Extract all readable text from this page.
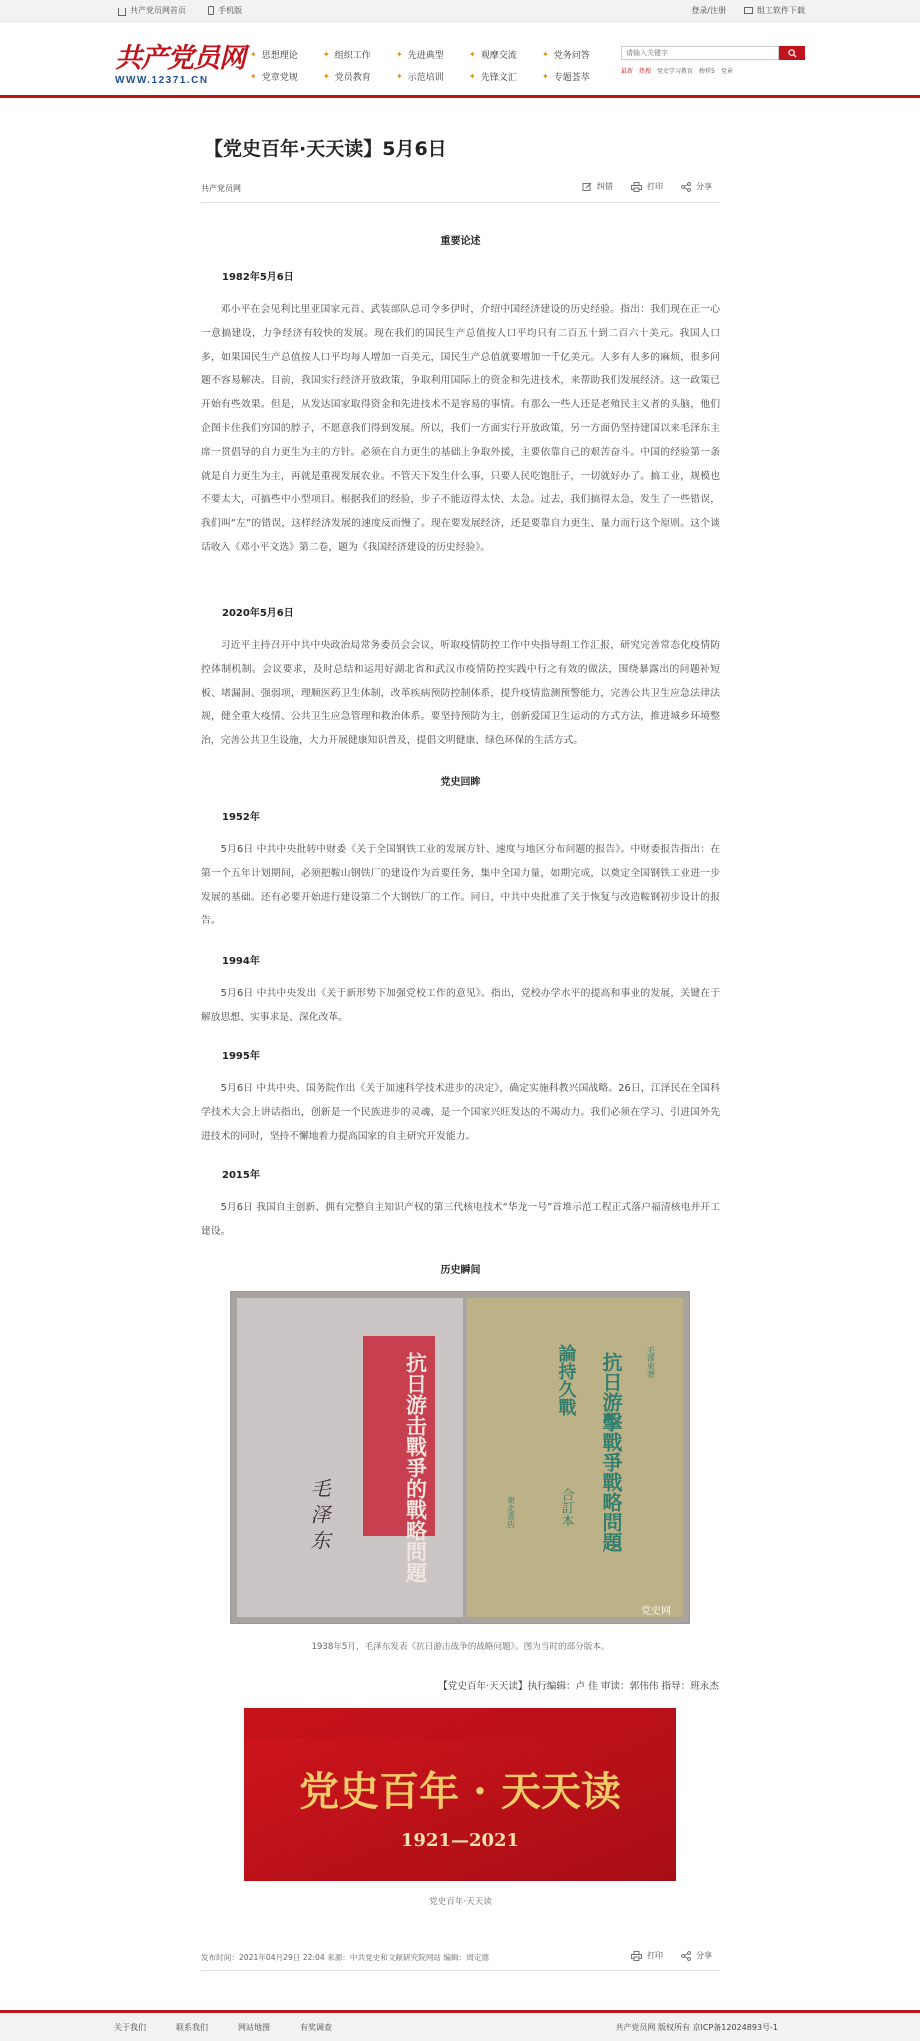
共产党员网首页	手机版	登录/注册	组工软件下载
共产党员网
WWW.12371.CN
✦ 思想理论	✦ 组织工作	✦ 先进典型	✦ 观摩交流	✦ 党务问答
✦ 党章党规	✦ 党员教育	✦ 示范培训	✦ 先锋文汇	✦ 专题荟萃
请输入关键字
最新 热搜 党史学习教育 榜样5 党章
【党史百年·天天读】5月6日
共产党员网	纠错	打印	分享
重要论述
1982年5月6日

邓小平在会见利比里亚国家元首、武装部队总司令多伊时，介绍中国经济建设的历史经验。指出：我们现在正一心一意搞建设，力争经济有较快的发展。现在我们的国民生产总值按人口平均只有二百五十到二百六十美元。我国人口多，如果国民生产总值按人口平均每人增加一百美元，国民生产总值就要增加一千亿美元。人多有人多的麻烦，很多问题不容易解决。目前，我国实行经济开放政策，争取利用国际上的资金和先进技术，来帮助我们发展经济。这一政策已开始有些效果。但是，从发达国家取得资金和先进技术不是容易的事情。有那么一些人还是老殖民主义者的头脑，他们企图卡住我们穷国的脖子，不愿意我们得到发展。所以，我们一方面实行开放政策，另一方面仍坚持建国以来毛泽东主席一贯倡导的自力更生为主的方针。必须在自力更生的基础上争取外援，主要依靠自己的艰苦奋斗。中国的经验第一条就是自力更生为主，再就是重视发展农业。不管天下发生什么事，只要人民吃饱肚子，一切就好办了。搞工业，规模也不要太大，可搞些中小型项目。根据我们的经验，步子不能迈得太快、太急。过去，我们搞得太急，发生了一些错误，我们叫“左”的错误，这样经济发展的速度反而慢了。现在要发展经济，还是要靠自力更生、量力而行这个原则。这个谈话收入《邓小平文选》第二卷，题为《我国经济建设的历史经验》。

2020年5月6日

习近平主持召开中共中央政治局常务委员会会议，听取疫情防控工作中央指导组工作汇报，研究完善常态化疫情防控体制机制。会议要求，及时总结和运用好湖北省和武汉市疫情防控实践中行之有效的做法，围绕暴露出的问题补短板、堵漏洞、强弱项，理顺医药卫生体制，改革疾病预防控制体系，提升疫情监测预警能力，完善公共卫生应急法律法规，健全重大疫情、公共卫生应急管理和救治体系。要坚持预防为主，创新爱国卫生运动的方式方法，推进城乡环境整治，完善公共卫生设施，大力开展健康知识普及，提倡文明健康、绿色环保的生活方式。

党史回眸
1952年

5月6日 中共中央批转中财委《关于全国钢铁工业的发展方针、速度与地区分布问题的报告》。中财委报告指出：在第一个五年计划期间，必须把鞍山钢铁厂的建设作为首要任务，集中全国力量，如期完成，以奠定全国钢铁工业进一步发展的基础。还有必要开始进行建设第二个大钢铁厂的工作。同日，中共中央批准了关于恢复与改造鞍钢初步设计的报告。

1994年

5月6日 中共中央发出《关于新形势下加强党校工作的意见》。指出，党校办学水平的提高和事业的发展，关键在于解放思想、实事求是、深化改革。

1995年

5月6日 中共中央、国务院作出《关于加速科学技术进步的决定》，确定实施科教兴国战略。26日，江泽民在全国科学技术大会上讲话指出，创新是一个民族进步的灵魂，是一个国家兴旺发达的不竭动力。我们必须在学习、引进国外先进技术的同时，坚持不懈地着力提高国家的自主研究开发能力。

2015年

5月6日 我国自主创新、拥有完整自主知识产权的第三代核电技术“华龙一号”首堆示范工程正式落户福清核电并开工建设。

历史瞬间
抗日游击戰爭的戰略問題
毛泽东	抗日游擊戰爭戰略問題
論持久戰	毛澤東著
合訂本
東北書店
党史网
1938年5月，毛泽东发表《抗日游击战争的战略问题》。图为当时的部分版本。
【党史百年·天天读】执行编辑：卢 佳 审读：郭伟伟 指导：班永杰
党史百年 · 天天读
1921—2021
党史百年·天天读
发布时间：2021年04月29日 22:04 来源：中共党史和文献研究院网站 编辑：周定德	打印	分享
关于我们	联系我们	网站地图	有奖调查	共产党员网 版权所有 京ICP备12024893号-1
